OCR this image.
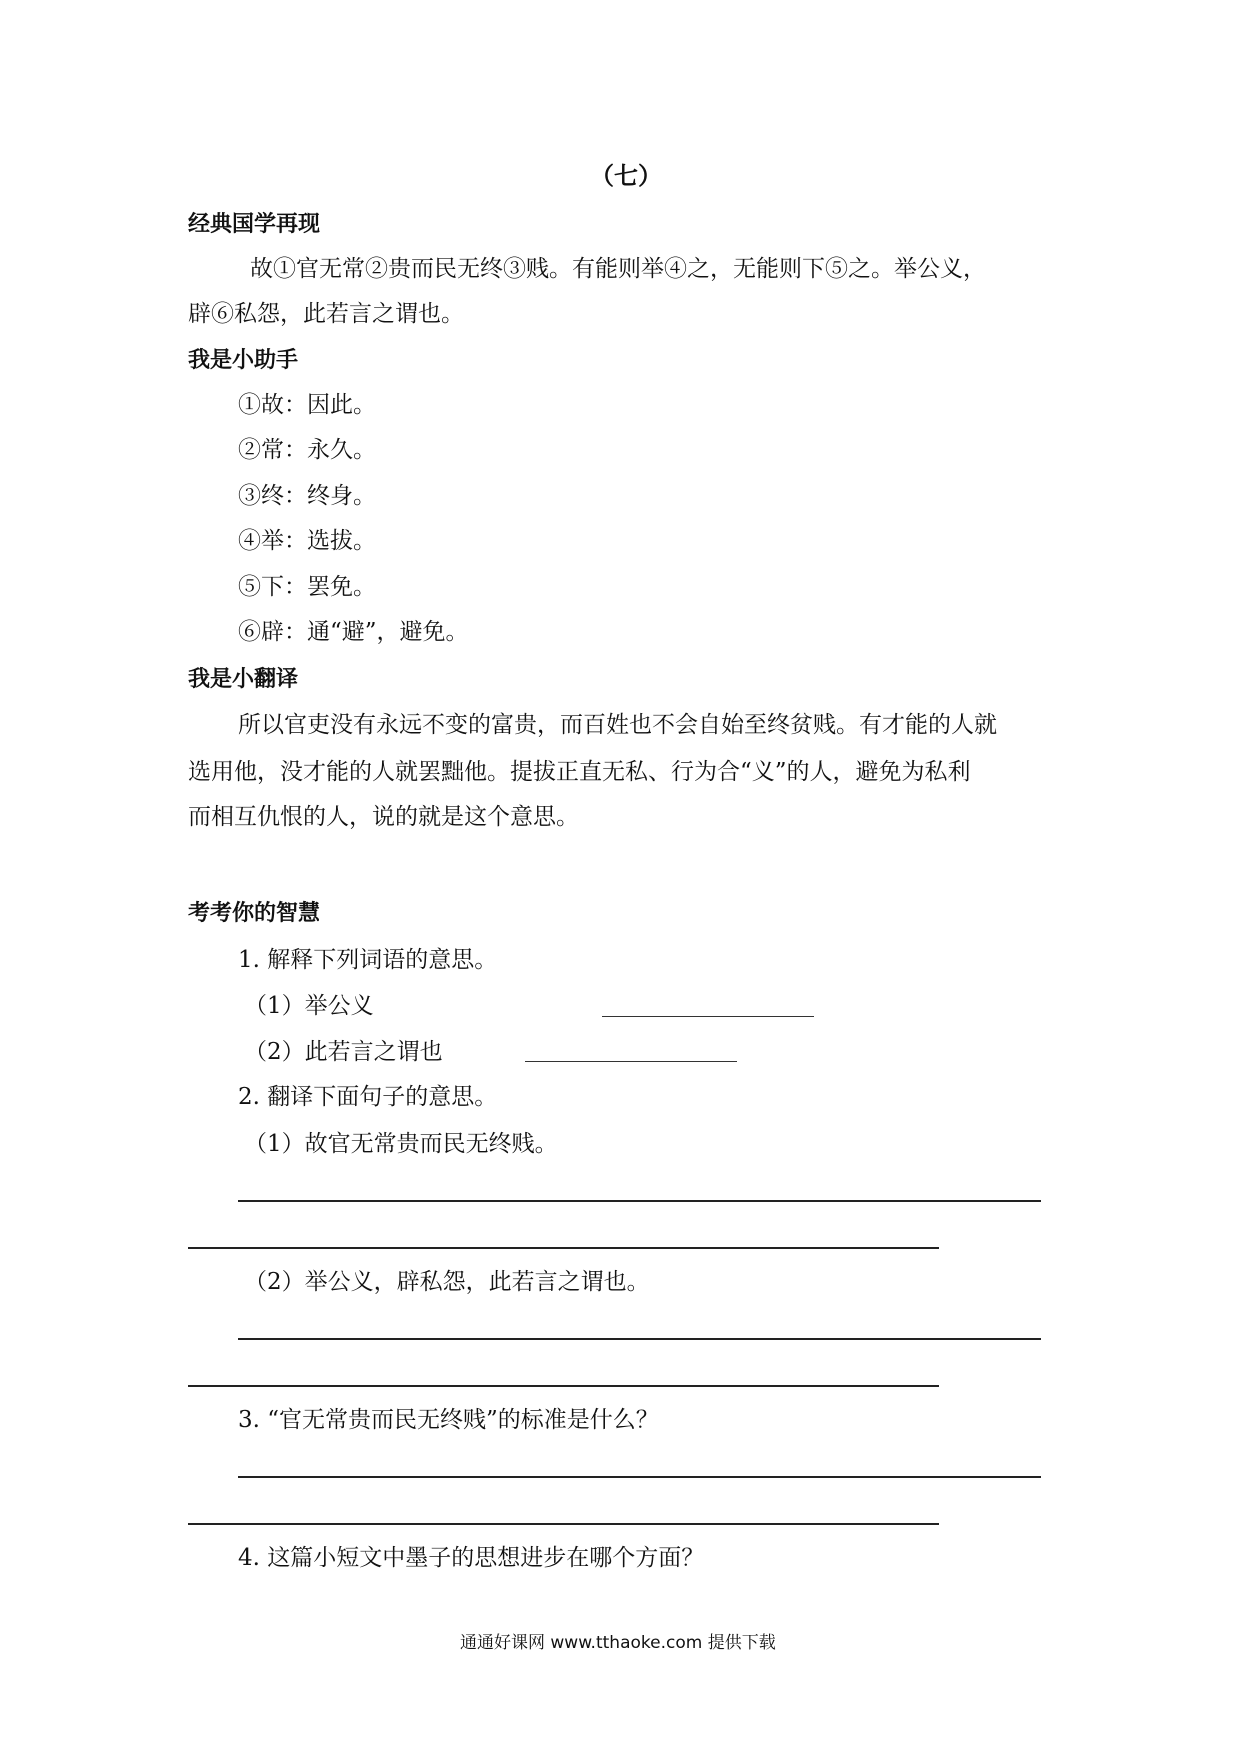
（七）
经典国学再现
故①官无常②贵而民无终③贱。有能则举④之，无能则下⑤之。举公义，
辟⑥私怨，此若言之谓也。
我是小助手
①故：因此。
②常：永久。
③终：终身。
④举：选拔。
⑤下：罢免。
⑥辟：通“避”，避免。
我是小翻译
所以官吏没有永远不变的富贵，而百姓也不会自始至终贫贱。有才能的人就
选用他，没才能的人就罢黜他。提拔正直无私、行为合“义”的人，避免为私利
而相互仇恨的人，说的就是这个意思。
考考你的智慧
1. 解释下列词语的意思。
（1）举公义
（2）此若言之谓也
2. 翻译下面句子的意思。
（1）故官无常贵而民无终贱。
（2）举公义，辟私怨，此若言之谓也。
3. “官无常贵而民无终贱”的标准是什么？
4. 这篇小短文中墨子的思想进步在哪个方面？
通通好课网 www.tthaoke.com 提供下载
